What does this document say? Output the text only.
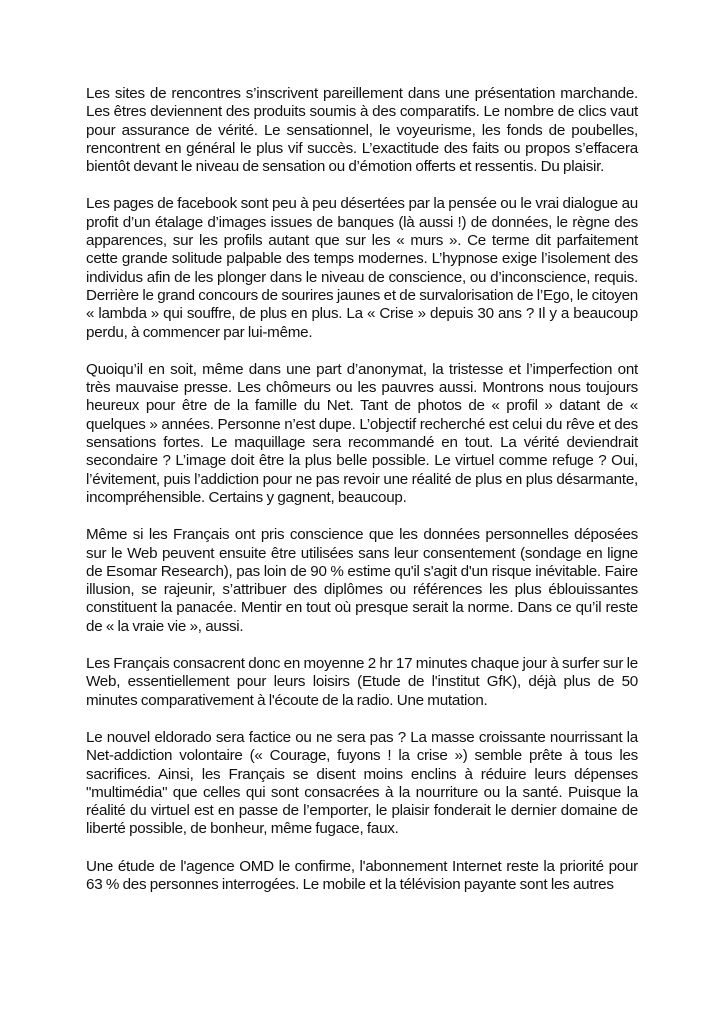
Les sites de rencontres s’inscrivent pareillement dans une présentation marchande. Les êtres deviennent des produits soumis à des comparatifs. Le nombre de clics vaut pour assurance de vérité. Le sensationnel, le voyeurisme, les fonds de poubelles, rencontrent en général le plus vif succès. L’exactitude des faits ou propos s’effacera bientôt devant le niveau de sensation ou d’émotion offerts et ressentis. Du plaisir.

Les pages de facebook sont peu à peu désertées par la pensée ou le vrai dialogue au profit d’un étalage d’images issues de banques (là aussi !) de données, le règne des apparences, sur les profils autant que sur les « murs ». Ce terme dit parfaitement cette grande solitude palpable des temps modernes. L’hypnose exige l’isolement des individus afin de les plonger dans le niveau de conscience, ou d’inconscience, requis. Derrière le grand concours de sourires jaunes et de survalorisation de l’Ego, le citoyen « lambda » qui souffre, de plus en plus. La « Crise » depuis 30 ans ? Il y a beaucoup perdu, à commencer par lui-même.

Quoiqu’il en soit, même dans une part d’anonymat, la tristesse et l’imperfection ont très mauvaise presse. Les chômeurs ou les pauvres aussi. Montrons nous toujours heureux pour être de la famille du Net. Tant de photos de « profil » datant de « quelques » années. Personne n’est dupe. L’objectif recherché est celui du rêve et des sensations fortes. Le maquillage sera recommandé en tout. La vérité deviendrait secondaire ? L’image doit être la plus belle possible. Le virtuel comme refuge ? Oui, l’évitement, puis l’addiction pour ne pas revoir une réalité de plus en plus désarmante, incompréhensible. Certains y gagnent, beaucoup.

Même si les Français ont pris conscience que les données personnelles déposées sur le Web peuvent ensuite être utilisées sans leur consentement (sondage en ligne de Esomar Research), pas loin de 90 % estime qu'il s'agit d'un risque inévitable. Faire illusion, se rajeunir, s’attribuer des diplômes ou références les plus éblouissantes constituent la panacée. Mentir en tout où presque serait la norme. Dans ce qu’il reste de « la vraie vie », aussi.

Les Français consacrent donc en moyenne 2 hr 17 minutes chaque jour à surfer sur le Web, essentiellement pour leurs loisirs (Etude de l'institut GfK), déjà plus de 50 minutes comparativement à l'écoute de la radio. Une mutation.

Le nouvel eldorado sera factice ou ne sera pas ? La masse croissante nourrissant la Net-addiction volontaire (« Courage, fuyons ! la crise ») semble prête à tous les sacrifices. Ainsi, les Français se disent moins enclins à réduire leurs dépenses "multimédia" que celles qui sont consacrées à la nourriture ou la santé. Puisque la réalité du virtuel est en passe de l’emporter, le plaisir fonderait le dernier domaine de liberté possible, de bonheur, même fugace, faux.

Une étude de l'agence OMD le confirme, l'abonnement Internet reste la priorité pour 63 % des personnes interrogées. Le mobile et la télévision payante sont les autres
